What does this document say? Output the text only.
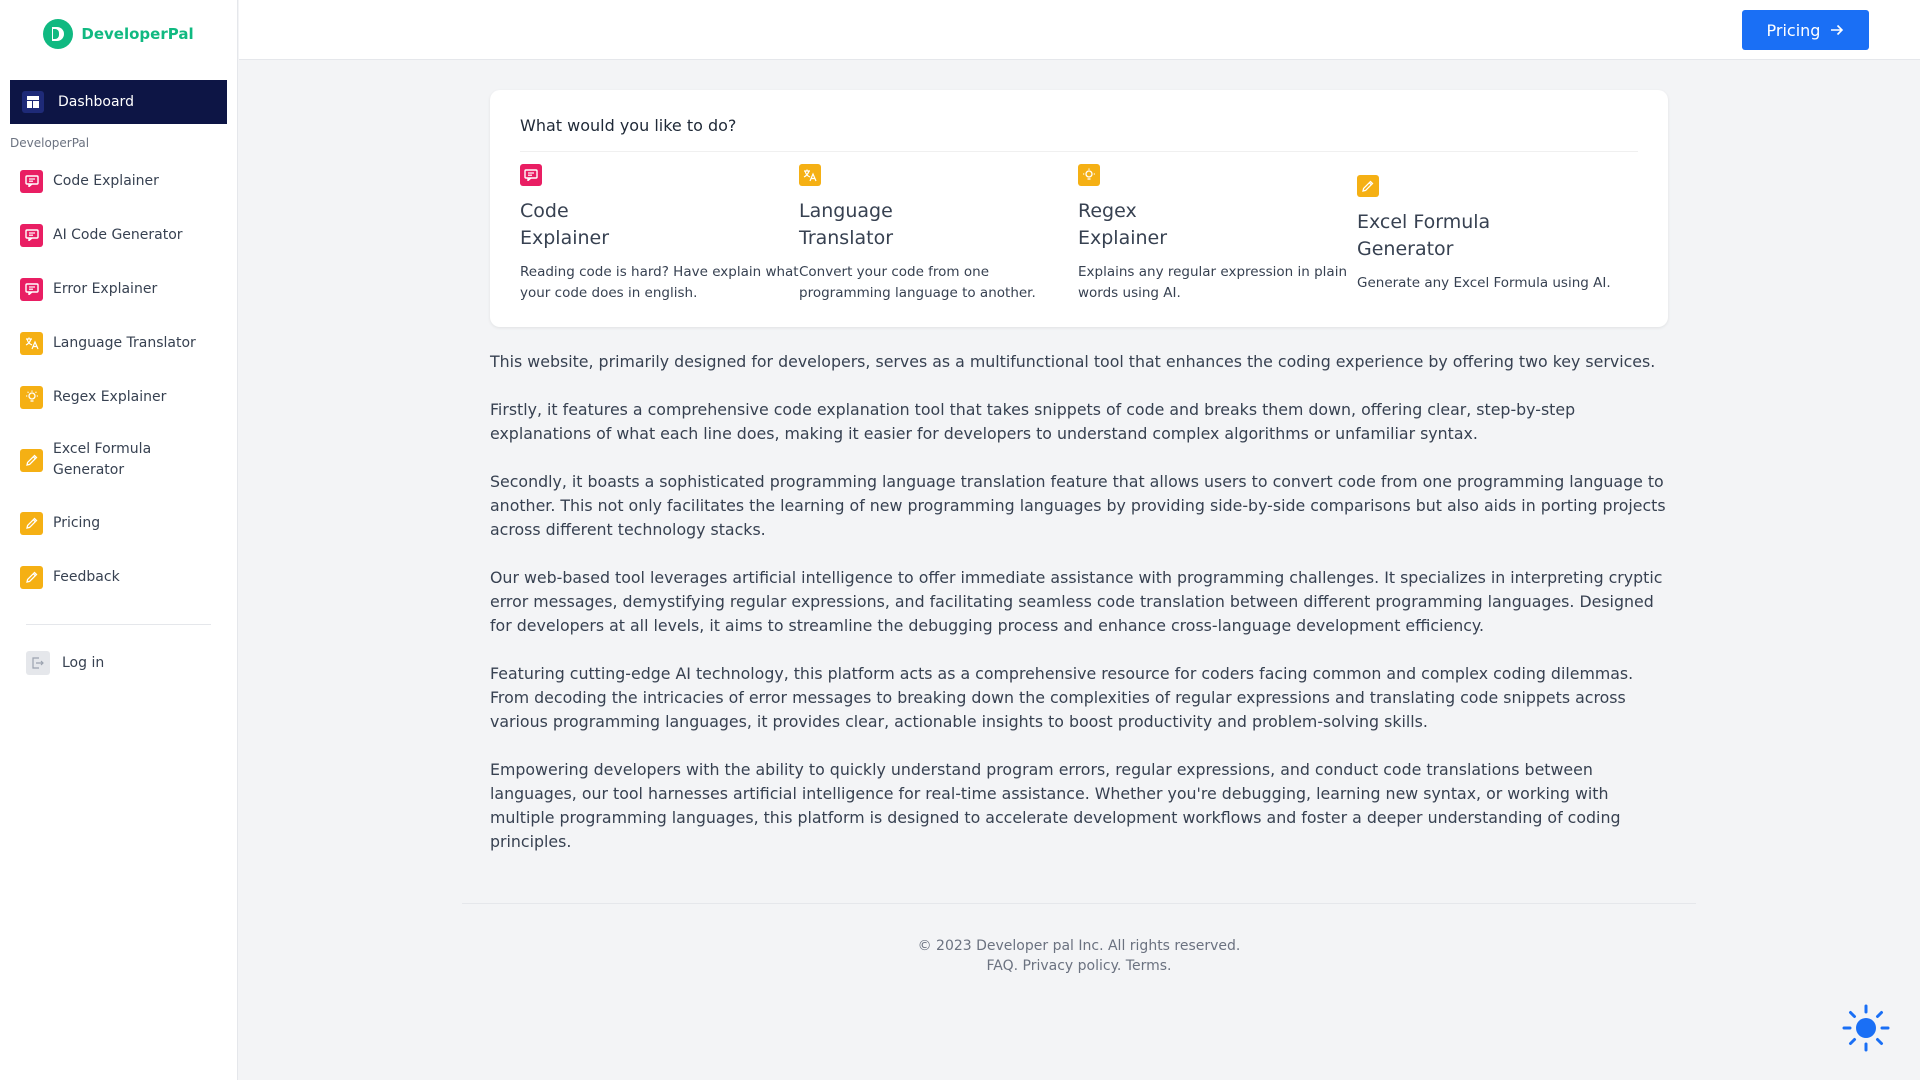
DeveloperPal
Dashboard
DeveloperPal
Code Explainer
AI Code Generator
Error Explainer
Language Translator
Regex Explainer
Excel Formula Generator
Pricing
Feedback
Log in
Pricing
What would you like to do?
Code Explainer
Reading code is hard? Have explain what your code does in english.
Language Translator
Convert your code from one programming language to another.
Regex Explainer
Explains any regular expression in plain words using AI.
Excel Formula Generator
Generate any Excel Formula using AI.

This website, primarily designed for developers, serves as a multifunctional tool that enhances the coding experience by offering two key services.

Firstly, it features a comprehensive code explanation tool that takes snippets of code and breaks them down, offering clear, step-by-step explanations of what each line does, making it easier for developers to understand complex algorithms or unfamiliar syntax.

Secondly, it boasts a sophisticated programming language translation feature that allows users to convert code from one programming language to another. This not only facilitates the learning of new programming languages by providing side-by-side comparisons but also aids in porting projects across different technology stacks.

Our web-based tool leverages artificial intelligence to offer immediate assistance with programming challenges. It specializes in interpreting cryptic error messages, demystifying regular expressions, and facilitating seamless code translation between different programming languages. Designed for developers at all levels, it aims to streamline the debugging process and enhance cross-language development efficiency.

Featuring cutting-edge AI technology, this platform acts as a comprehensive resource for coders facing common and complex coding dilemmas. From decoding the intricacies of error messages to breaking down the complexities of regular expressions and translating code snippets across various programming languages, it provides clear, actionable insights to boost productivity and problem-solving skills.

Empowering developers with the ability to quickly understand program errors, regular expressions, and conduct code translations between languages, our tool harnesses artificial intelligence for real-time assistance. Whether you're debugging, learning new syntax, or working with multiple programming languages, this platform is designed to accelerate development workflows and foster a deeper understanding of coding principles.

© 2023 Developer pal Inc. All rights reserved.
FAQ. Privacy policy. Terms.
